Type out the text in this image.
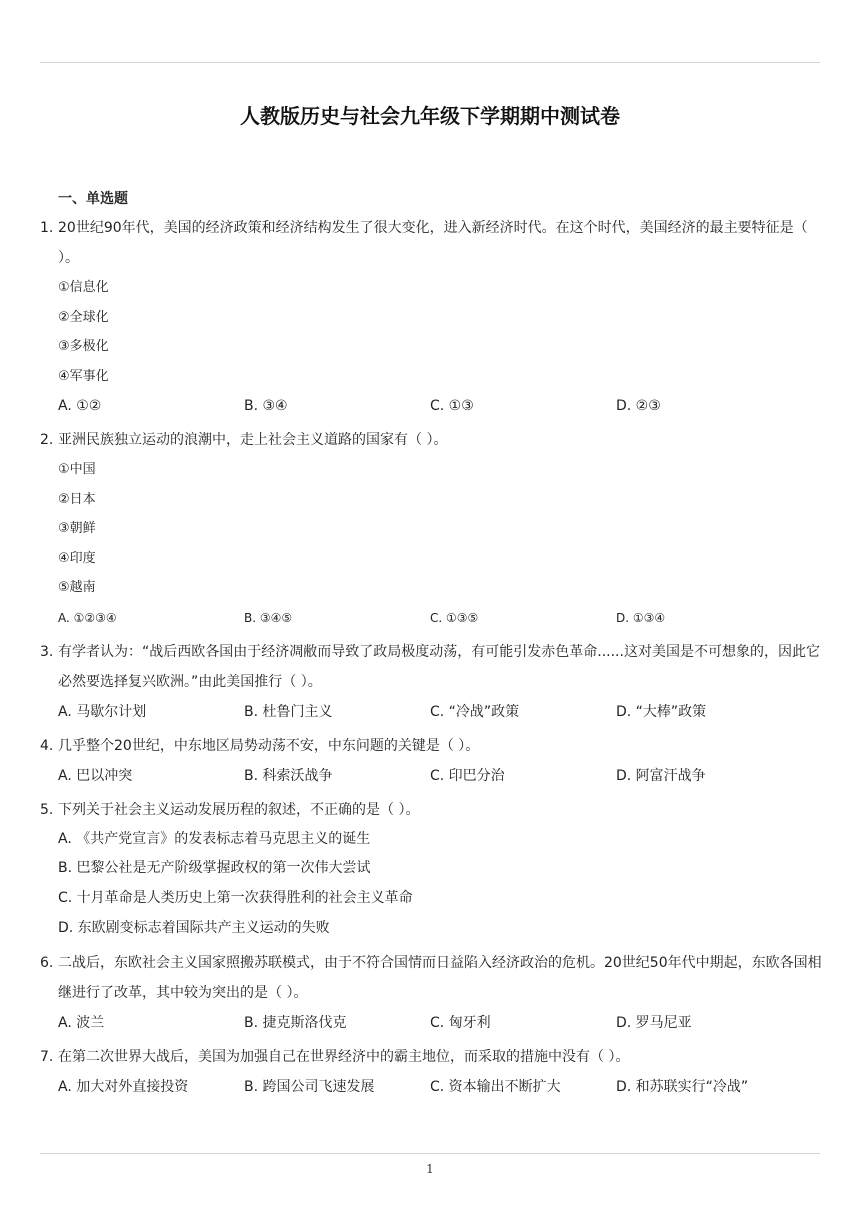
人教版历史与社会九年级下学期期中测试卷
一、单选题
1. 20世纪90年代，美国的经济政策和经济结构发生了很大变化，进入新经济时代。在这个时代，美国经济的最主要特征是（ ）。
①信息化
②全球化
③多极化
④军事化
A. ①②	B. ③④	C. ①③	D. ②③
2. 亚洲民族独立运动的浪潮中，走上社会主义道路的国家有（ ）。
①中国
②日本
③朝鲜
④印度
⑤越南
A. ①②③④	B. ③④⑤	C. ①③⑤	D. ①③④
3. 有学者认为：“战后西欧各国由于经济凋敝而导致了政局极度动荡，有可能引发赤色革命......这对美国是不可想象的，因此它必然要选择复兴欧洲。”由此美国推行（ ）。
A. 马歇尔计划	B. 杜鲁门主义	C. “冷战”政策	D. “大棒”政策
4. 几乎整个20世纪，中东地区局势动荡不安，中东问题的关键是（ ）。
A. 巴以冲突	B. 科索沃战争	C. 印巴分治	D. 阿富汗战争
5. 下列关于社会主义运动发展历程的叙述，不正确的是（ ）。
A. 《共产党宣言》的发表标志着马克思主义的诞生
B. 巴黎公社是无产阶级掌握政权的第一次伟大尝试
C. 十月革命是人类历史上第一次获得胜利的社会主义革命
D. 东欧剧变标志着国际共产主义运动的失败
6. 二战后，东欧社会主义国家照搬苏联模式，由于不符合国情而日益陷入经济政治的危机。20世纪50年代中期起，东欧各国相继进行了改革，其中较为突出的是（ ）。
A. 波兰	B. 捷克斯洛伐克	C. 匈牙利	D. 罗马尼亚
7. 在第二次世界大战后，美国为加强自己在世界经济中的霸主地位，而采取的措施中没有（ ）。
A. 加大对外直接投资	B. 跨国公司飞速发展	C. 资本输出不断扩大	D. 和苏联实行“冷战”
1
